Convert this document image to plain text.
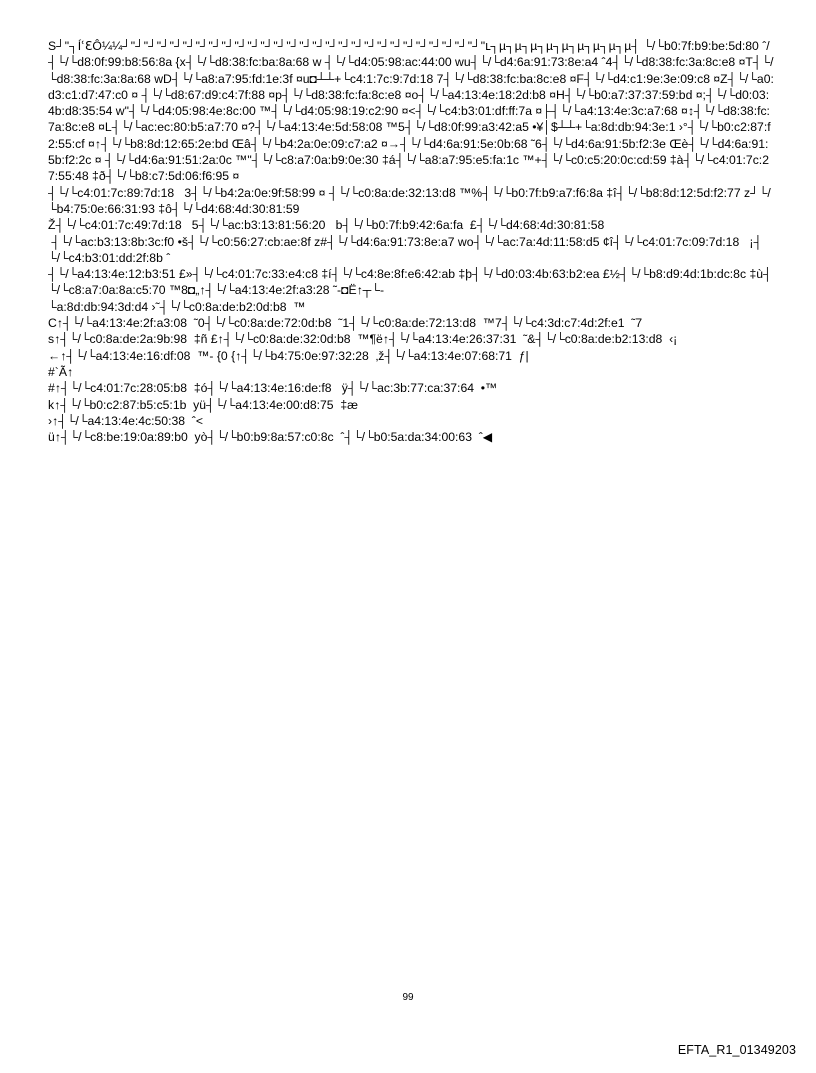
S┘"┐ÍՙꜪÔ¼¼┘"┘"┘"┘"┘"┘"┘"┘"┘"┘"┘"┘"┘"┘"┘"┘"┘"┘"┘"┘"┘"┘"┘"┘"┘"┘"┘"┘"ւ┐µ┐µ┐µ┐µ┐µ┐µ┐µ┐µ┐µ┤ └/└b0:7f:b9:be:5d:80 ˆ/┤└/└d8:0f:99:b8:56:8a {x┤└/└d8:38:fc:ba:8a:68 w ┤└/└d4:05:98:ac:44:00 wu┤└/└d4:6a:91:73:8e:a4 ˆ4┤└/└d8:38:fc:3a:8c:e8 ¤T┤└/└d8:38:fc:3a:8a:68 wD┤└/└a8:a7:95:fd:1e:3f ¤u◘┴┴+└c4:1:7c:9:7d:18 7┤└/└d8:38:fc:ba:8c:e8 ¤F┤└/└d4:c1:9e:3e:09:c8 ¤Z┤└/└a0:d3:c1:d7:47:c0 ¤ ┤└/└d8:67:d9:c4:7f:88 ¤p┤└/└d8:38:fc:fa:8c:e8 ¤o┤└/└a4:13:4e:18:2d:b8 ¤H┤└/└b0:a7:37:37:59:bd ¤;┤└/└d0:03:4b:d8:35:54 w"┤└/└d4:05:98:4e:8c:00 ™┤└/└d4:05:98:19:c2:90 ¤<┤└/└c4:b3:01:df:ff:7a ¤├┤└/└a4:13:4e:3c:a7:68 ¤↕┤└/└d8:38:fc:7a:8c:e8 ¤L┤└/└ac:ec:80:b5:a7:70 ¤?┤└/└a4:13:4e:5d:58:08 ™5┤└/└d8:0f:99:a3:42:a5 •¥│$┴┴+└a:8d:db:94:3e:1 ›°┤└/└b0:c2:87:f2:55:cf ¤↑┤└/└b8:8d:12:65:2e:bd Œâ┤└/└b4:2a:0e:09:c7:a2 ¤→┤└/└d4:6a:91:5e:0b:68 ˜6┤└/└d4:6a:91:5b:f2:3e Œè┤└/└d4:6a:91:5b:f2:2c ¤ ┤└/└d4:6a:91:51:2a:0c ™"┤└/└c8:a7:0a:b9:0e:30 ‡á┤└/└a8:a7:95:e5:fa:1c ™+┤└/└c0:c5:20:0c:cd:59 ‡à┤└/└c4:01:7c:27:55:48 ‡ð┤└/└b8:c7:5d:06:f6:95 ¤
┤└/└c4:01:7c:89:7d:18   3┤└/└b4:2a:0e:9f:58:99 ¤ ┤└/└c0:8a:de:32:13:d8 ™%┤└/└b0:7f:b9:a7:f6:8a ‡î┤└/└b8:8d:12:5d:f2:77 z┘└/└b4:75:0e:66:31:93 ‡ô┤└/└d4:68:4d:30:81:59
Ž┤└/└c4:01:7c:49:7d:18   5┤└/└ac:b3:13:81:56:20   b┤└/└b0:7f:b9:42:6a:fa  £┤└/└d4:68:4d:30:81:58
┤└/└ac:b3:13:8b:3c:f0 •š┤└/└c0:56:27:cb:ae:8f z#┤└/└d4:6a:91:73:8e:a7 wo┤└/└ac:7a:4d:11:58:d5 ¢î┤└/└c4:01:7c:09:7d:18   ¡┤└/└c4:b3:01:dd:2f:8b ˆ
┤└/└a4:13:4e:12:b3:51 £»┤└/└c4:01:7c:33:e4:c8 ‡í┤└/└c4:8e:8f:e6:42:ab ‡þ┤└/└d0:03:4b:63:b2:ea £½┤└/└b8:d9:4d:1b:dc:8c ‡ù┤└/└c8:a7:0a:8a:c5:70 ™8◘„↑┤└/└a4:13:4e:2f:a3:28 ˜-◘Ë↑┬└-
└a:8d:db:94:3d:d4 ›˜┤└/└c0:8a:de:b2:0d:b8  ™
C↑┤└/└a4:13:4e:2f:a3:08  ˜0┤└/└c0:8a:de:72:0d:b8  ˜1┤└/└c0:8a:de:72:13:d8  ™7┤└/└c4:3d:c7:4d:2f:e1  ˜7
s↑┤└/└c0:8a:de:2a:9b:98  ‡ñ £↑┤└/└c0:8a:de:32:0d:b8  ™¶ë↑┤└/└a4:13:4e:26:37:31  ˜&┤└/└c0:8a:de:b2:13:d8  ‹¡
←↑┤└/└a4:13:4e:16:df:08  ™- {0 {↑┤└/└b4:75:0e:97:32:28  ‚ž┤└/└a4:13:4e:07:68:71  ƒ|
#`Ã↑
#↑┤└/└c4:01:7c:28:05:b8  ‡ó┤└/└a4:13:4e:16:de:f8   ÿ┤└/└ac:3b:77:ca:37:64  •™
k↑┤└/└b0:c2:87:b5:c5:1b  yü┤└/└a4:13:4e:00:d8:75  ‡æ
›↑┤└/└a4:13:4e:4c:50:38  ˆ<
ü↑┤└/└c8:be:19:0a:89:b0  yò┤└/└b0:b9:8a:57:c0:8c  ˆ┤└/└b0:5a:da:34:00:63  ˆ◀

99
EFTA_R1_01349203
